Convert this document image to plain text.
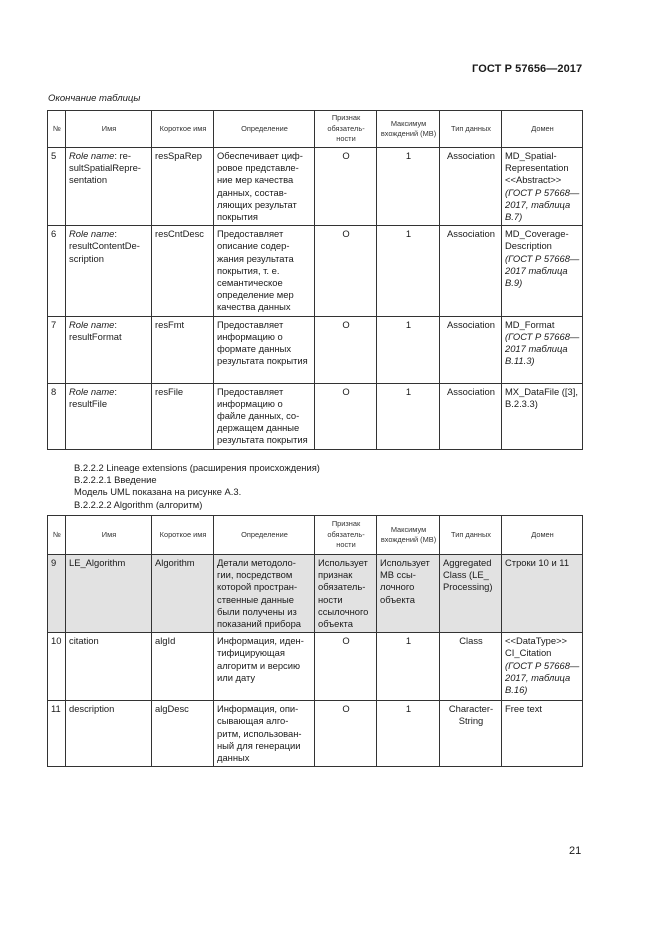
ГОСТ Р 57656—2017
Окончание таблицы
№	Имя	Короткое имя	Определение	Признак обязатель-ности	Максимум вхождений (МВ)	Тип данных	Домен
5	Role name: re-sultSpatialRepre-sentation	resSpaRep	Обеспечивает циф-ровое представле-ние мер качества данных, состав-ляющих результат покрытия	O	1	Association	MD_Spatial-Representation <<Abstract>> (ГОСТ Р 57668—2017, таблица В.7)
6	Role name: resultContentDe-scription	resCntDesc	Предоставляет описание содер-жания результата покрытия, т. е. семантическое определение мер качества данных	O	1	Association	MD_Coverage-Description (ГОСТ Р 57668—2017 таблица В.9)
7	Role name: resultFormat	resFmt	Предоставляет информацию о формате данных результата покрытия	O	1	Association	MD_Format (ГОСТ Р 57668—2017 таблица В.11.3)
8	Role name: resultFile	resFile	Предоставляет информацию о файле данных, со-держащем данные результата покрытия	O	1	Association	MX_DataFile ([3], B.2.3.3)
B.2.2.2 Lineage extensions (расширения происхождения)
B.2.2.2.1 Введение
Модель UML показана на рисунке А.3.
B.2.2.2.2 Algorithm (алгоритм)
№	Имя	Короткое имя	Определение	Признак обязатель-ности	Максимум вхождений (МВ)	Тип данных	Домен
9	LE_Algorithm	Algorithm	Детали методоло-гии, посредством которой простран-ственные данные были получены из показаний прибора	Использует признак обязатель-ности ссылочного объекта	Использует МВ ссы-лочного объекта	Aggregated Class (LE_ Processing)	Строки 10 и 11
10	citation	algId	Информация, иден-тифицирующая алгоритм и версию или дату	O	1	Class	<<DataType>> CI_Citation (ГОСТ Р 57668—2017, таблица В.16)
11	description	algDesc	Информация, опи-сывающая алго-ритм, использован-ный для генерации данных	O	1	Character-String	Free text
21
